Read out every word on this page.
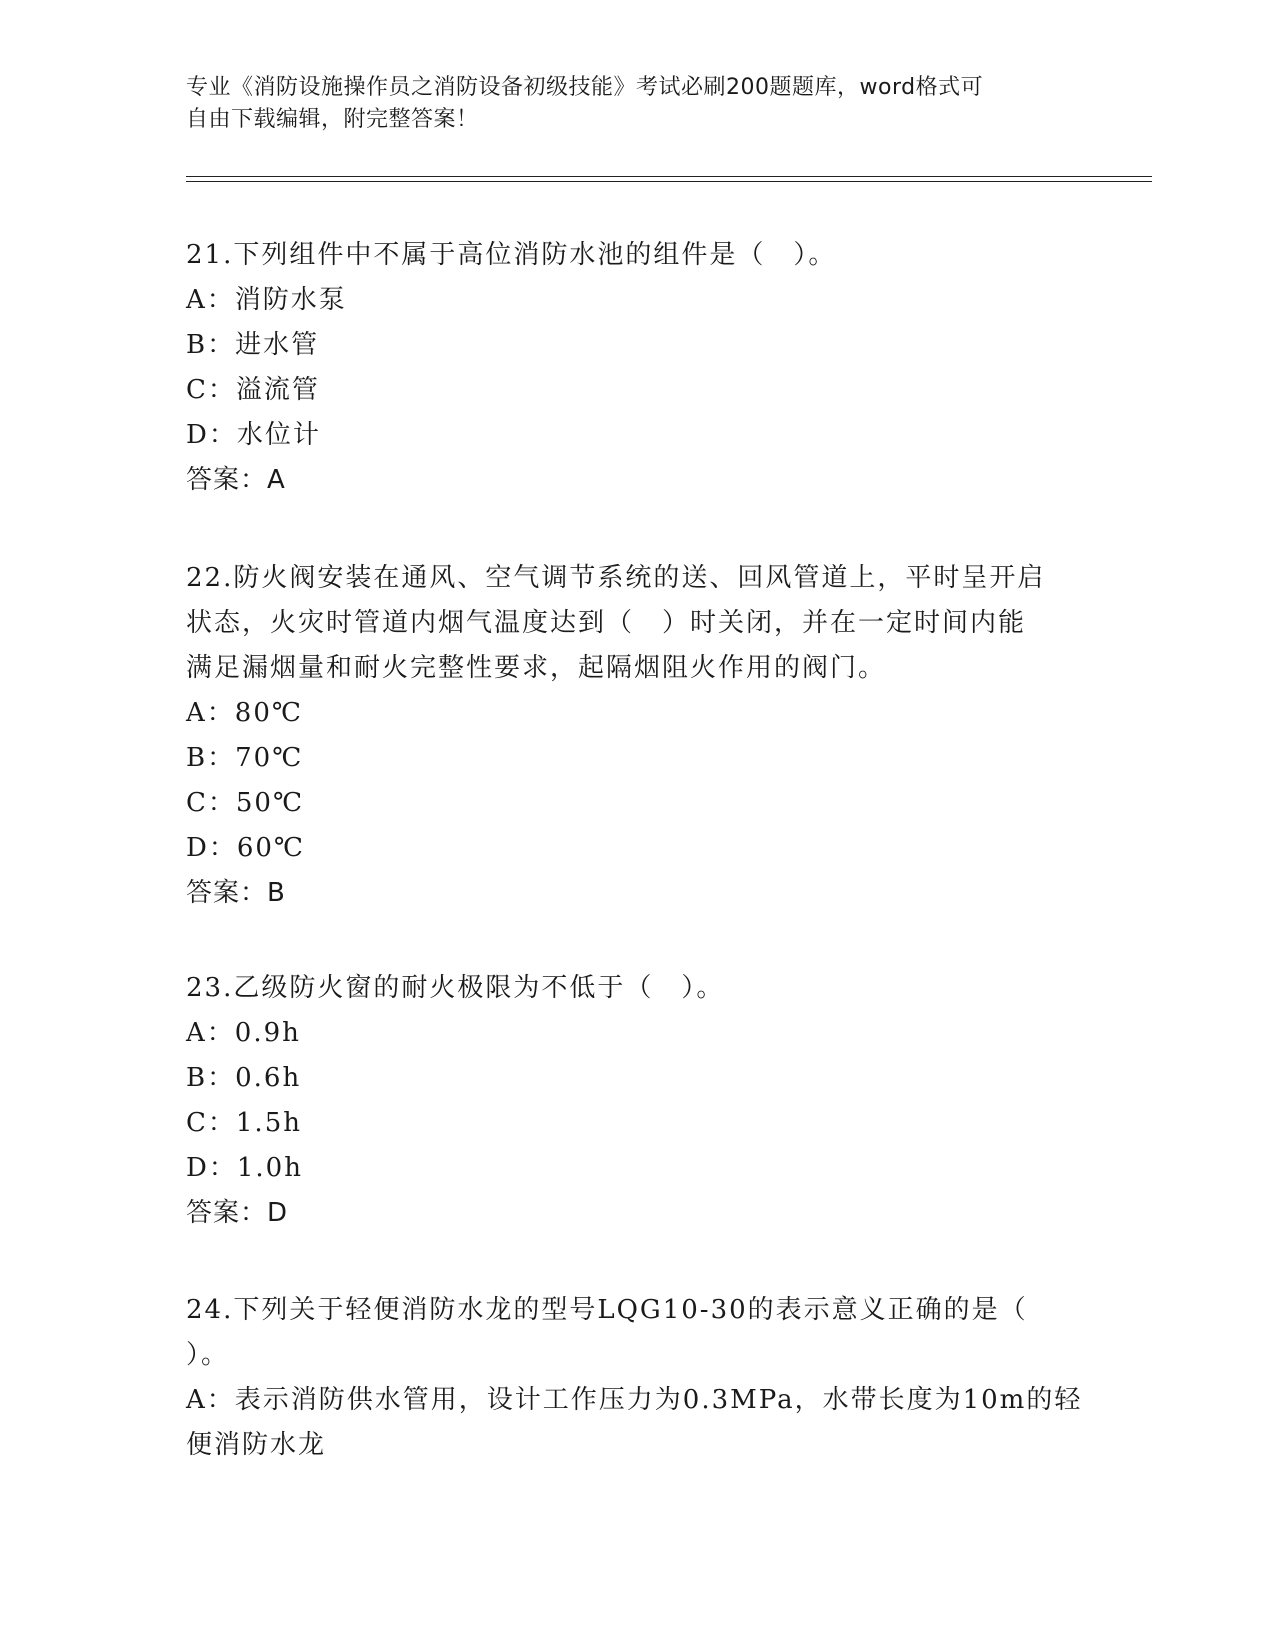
专业《消防设施操作员之消防设备初级技能》考试必刷200题题库，word格式可
自由下载编辑，附完整答案！
21.下列组件中不属于高位消防水池的组件是（　）。
A：消防水泵
B：进水管
C：溢流管
D：水位计
答案：A
22.防火阀安装在通风、空气调节系统的送、回风管道上，平时呈开启
状态，火灾时管道内烟气温度达到（　）时关闭，并在一定时间内能
满足漏烟量和耐火完整性要求，起隔烟阻火作用的阀门。
A：80℃
B：70℃
C：50℃
D：60℃
答案：B
23.乙级防火窗的耐火极限为不低于（　）。
A：0.9h
B：0.6h
C：1.5h
D：1.0h
答案：D
24.下列关于轻便消防水龙的型号LQG10-30的表示意义正确的是（
）。
A：表示消防供水管用，设计工作压力为0.3MPa，水带长度为10m的轻
便消防水龙
